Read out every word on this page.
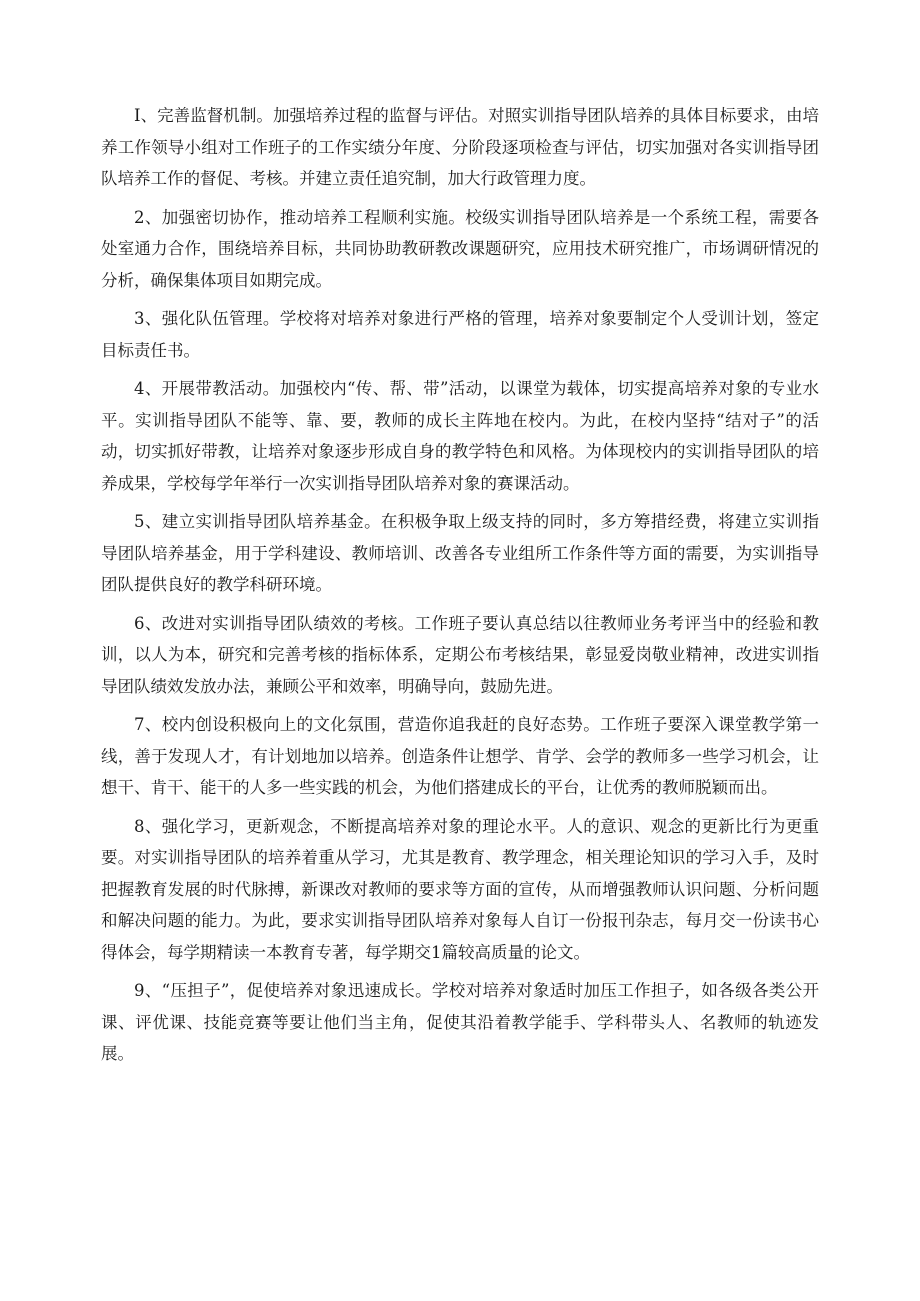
I、完善监督机制。加强培养过程的监督与评估。对照实训指导团队培养的具体目标要求，由培养工作领导小组对工作班子的工作实绩分年度、分阶段逐项检查与评估，切实加强对各实训指导团队培养工作的督促、考核。并建立责任追究制，加大行政管理力度。

2、加强密切协作，推动培养工程顺利实施。校级实训指导团队培养是一个系统工程，需要各处室通力合作，围绕培养目标，共同协助教研教改课题研究，应用技术研究推广，市场调研情况的分析，确保集体项目如期完成。

3、强化队伍管理。学校将对培养对象进行严格的管理，培养对象要制定个人受训计划，签定目标责任书。

4、开展带教活动。加强校内“传、帮、带”活动，以课堂为载体，切实提高培养对象的专业水平。实训指导团队不能等、靠、要，教师的成长主阵地在校内。为此，在校内坚持“结对子”的活动，切实抓好带教，让培养对象逐步形成自身的教学特色和风格。为体现校内的实训指导团队的培养成果，学校每学年举行一次实训指导团队培养对象的赛课活动。

5、建立实训指导团队培养基金。在积极争取上级支持的同时，多方筹措经费，将建立实训指导团队培养基金，用于学科建设、教师培训、改善各专业组所工作条件等方面的需要，为实训指导团队提供良好的教学科研环境。

6、改进对实训指导团队绩效的考核。工作班子要认真总结以往教师业务考评当中的经验和教训，以人为本，研究和完善考核的指标体系，定期公布考核结果，彰显爱岗敬业精神，改进实训指导团队绩效发放办法，兼顾公平和效率，明确导向，鼓励先进。

7、校内创设积极向上的文化氛围，营造你追我赶的良好态势。工作班子要深入课堂教学第一线，善于发现人才，有计划地加以培养。创造条件让想学、肯学、会学的教师多一些学习机会，让想干、肯干、能干的人多一些实践的机会，为他们搭建成长的平台，让优秀的教师脱颖而出。

8、强化学习，更新观念，不断提高培养对象的理论水平。人的意识、观念的更新比行为更重要。对实训指导团队的培养着重从学习，尤其是教育、教学理念，相关理论知识的学习入手，及时把握教育发展的时代脉搏，新课改对教师的要求等方面的宣传，从而增强教师认识问题、分析问题和解决问题的能力。为此，要求实训指导团队培养对象每人自订一份报刊杂志，每月交一份读书心得体会，每学期精读一本教育专著，每学期交1篇较高质量的论文。

9、“压担子”，促使培养对象迅速成长。学校对培养对象适时加压工作担子，如各级各类公开课、评优课、技能竞赛等要让他们当主角，促使其沿着教学能手、学科带头人、名教师的轨迹发展。
